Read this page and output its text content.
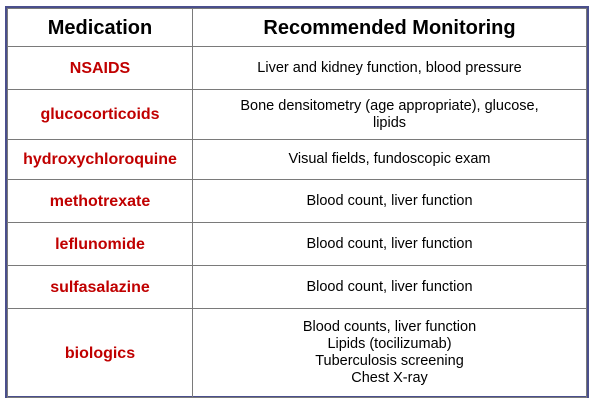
Medication	Recommended Monitoring
NSAIDS	Liver and kidney function, blood pressure

glucocorticoids	Bone densitometry (age appropriate), glucose,
lipids

hydroxychloroquine	Visual fields, fundoscopic exam

methotrexate	Blood count, liver function

leflunomide	Blood count, liver function

sulfasalazine	Blood count, liver function

biologics	Blood counts, liver function
Lipids (tocilizumab)
Tuberculosis screening
Chest X-ray
